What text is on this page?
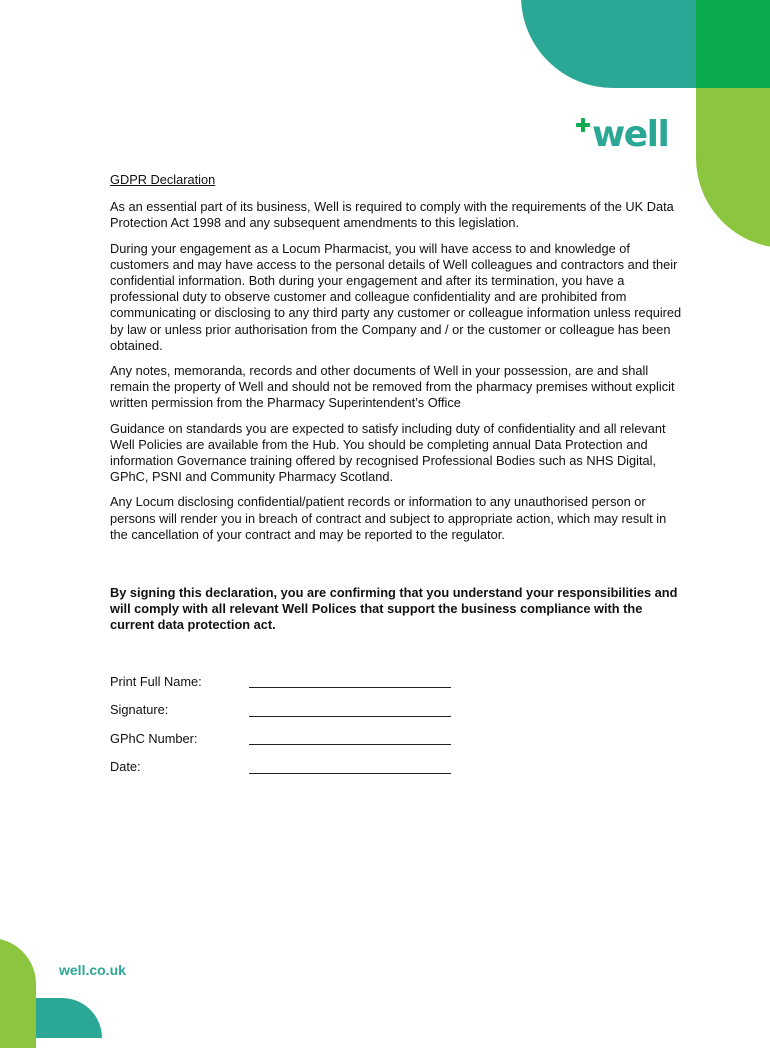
well

GDPR Declaration

As an essential part of its business, Well is required to comply with the requirements of the UK Data Protection Act 1998 and any subsequent amendments to this legislation.

During your engagement as a Locum Pharmacist, you will have access to and knowledge of customers and may have access to the personal details of Well colleagues and contractors and their confidential information. Both during your engagement and after its termination, you have a professional duty to observe customer and colleague confidentiality and are prohibited from communicating or disclosing to any third party any customer or colleague information unless required by law or unless prior authorisation from the Company and / or the customer or colleague has been obtained.

Any notes, memoranda, records and other documents of Well in your possession, are and shall remain the property of Well and should not be removed from the pharmacy premises without explicit written permission from the Pharmacy Superintendent’s Office

Guidance on standards you are expected to satisfy including duty of confidentiality and all relevant Well Policies are available from the Hub. You should be completing annual Data Protection and information Governance training offered by recognised Professional Bodies such as NHS Digital, GPhC, PSNI and Community Pharmacy Scotland.

Any Locum disclosing confidential/patient records or information to any unauthorised person or persons will render you in breach of contract and subject to appropriate action, which may result in the cancellation of your contract and may be reported to the regulator.

By signing this declaration, you are confirming that you understand your responsibilities and will comply with all relevant Well Polices that support the business compliance with the current data protection act.

Print Full Name:
Signature:
GPhC Number:
Date:
well.co.uk
